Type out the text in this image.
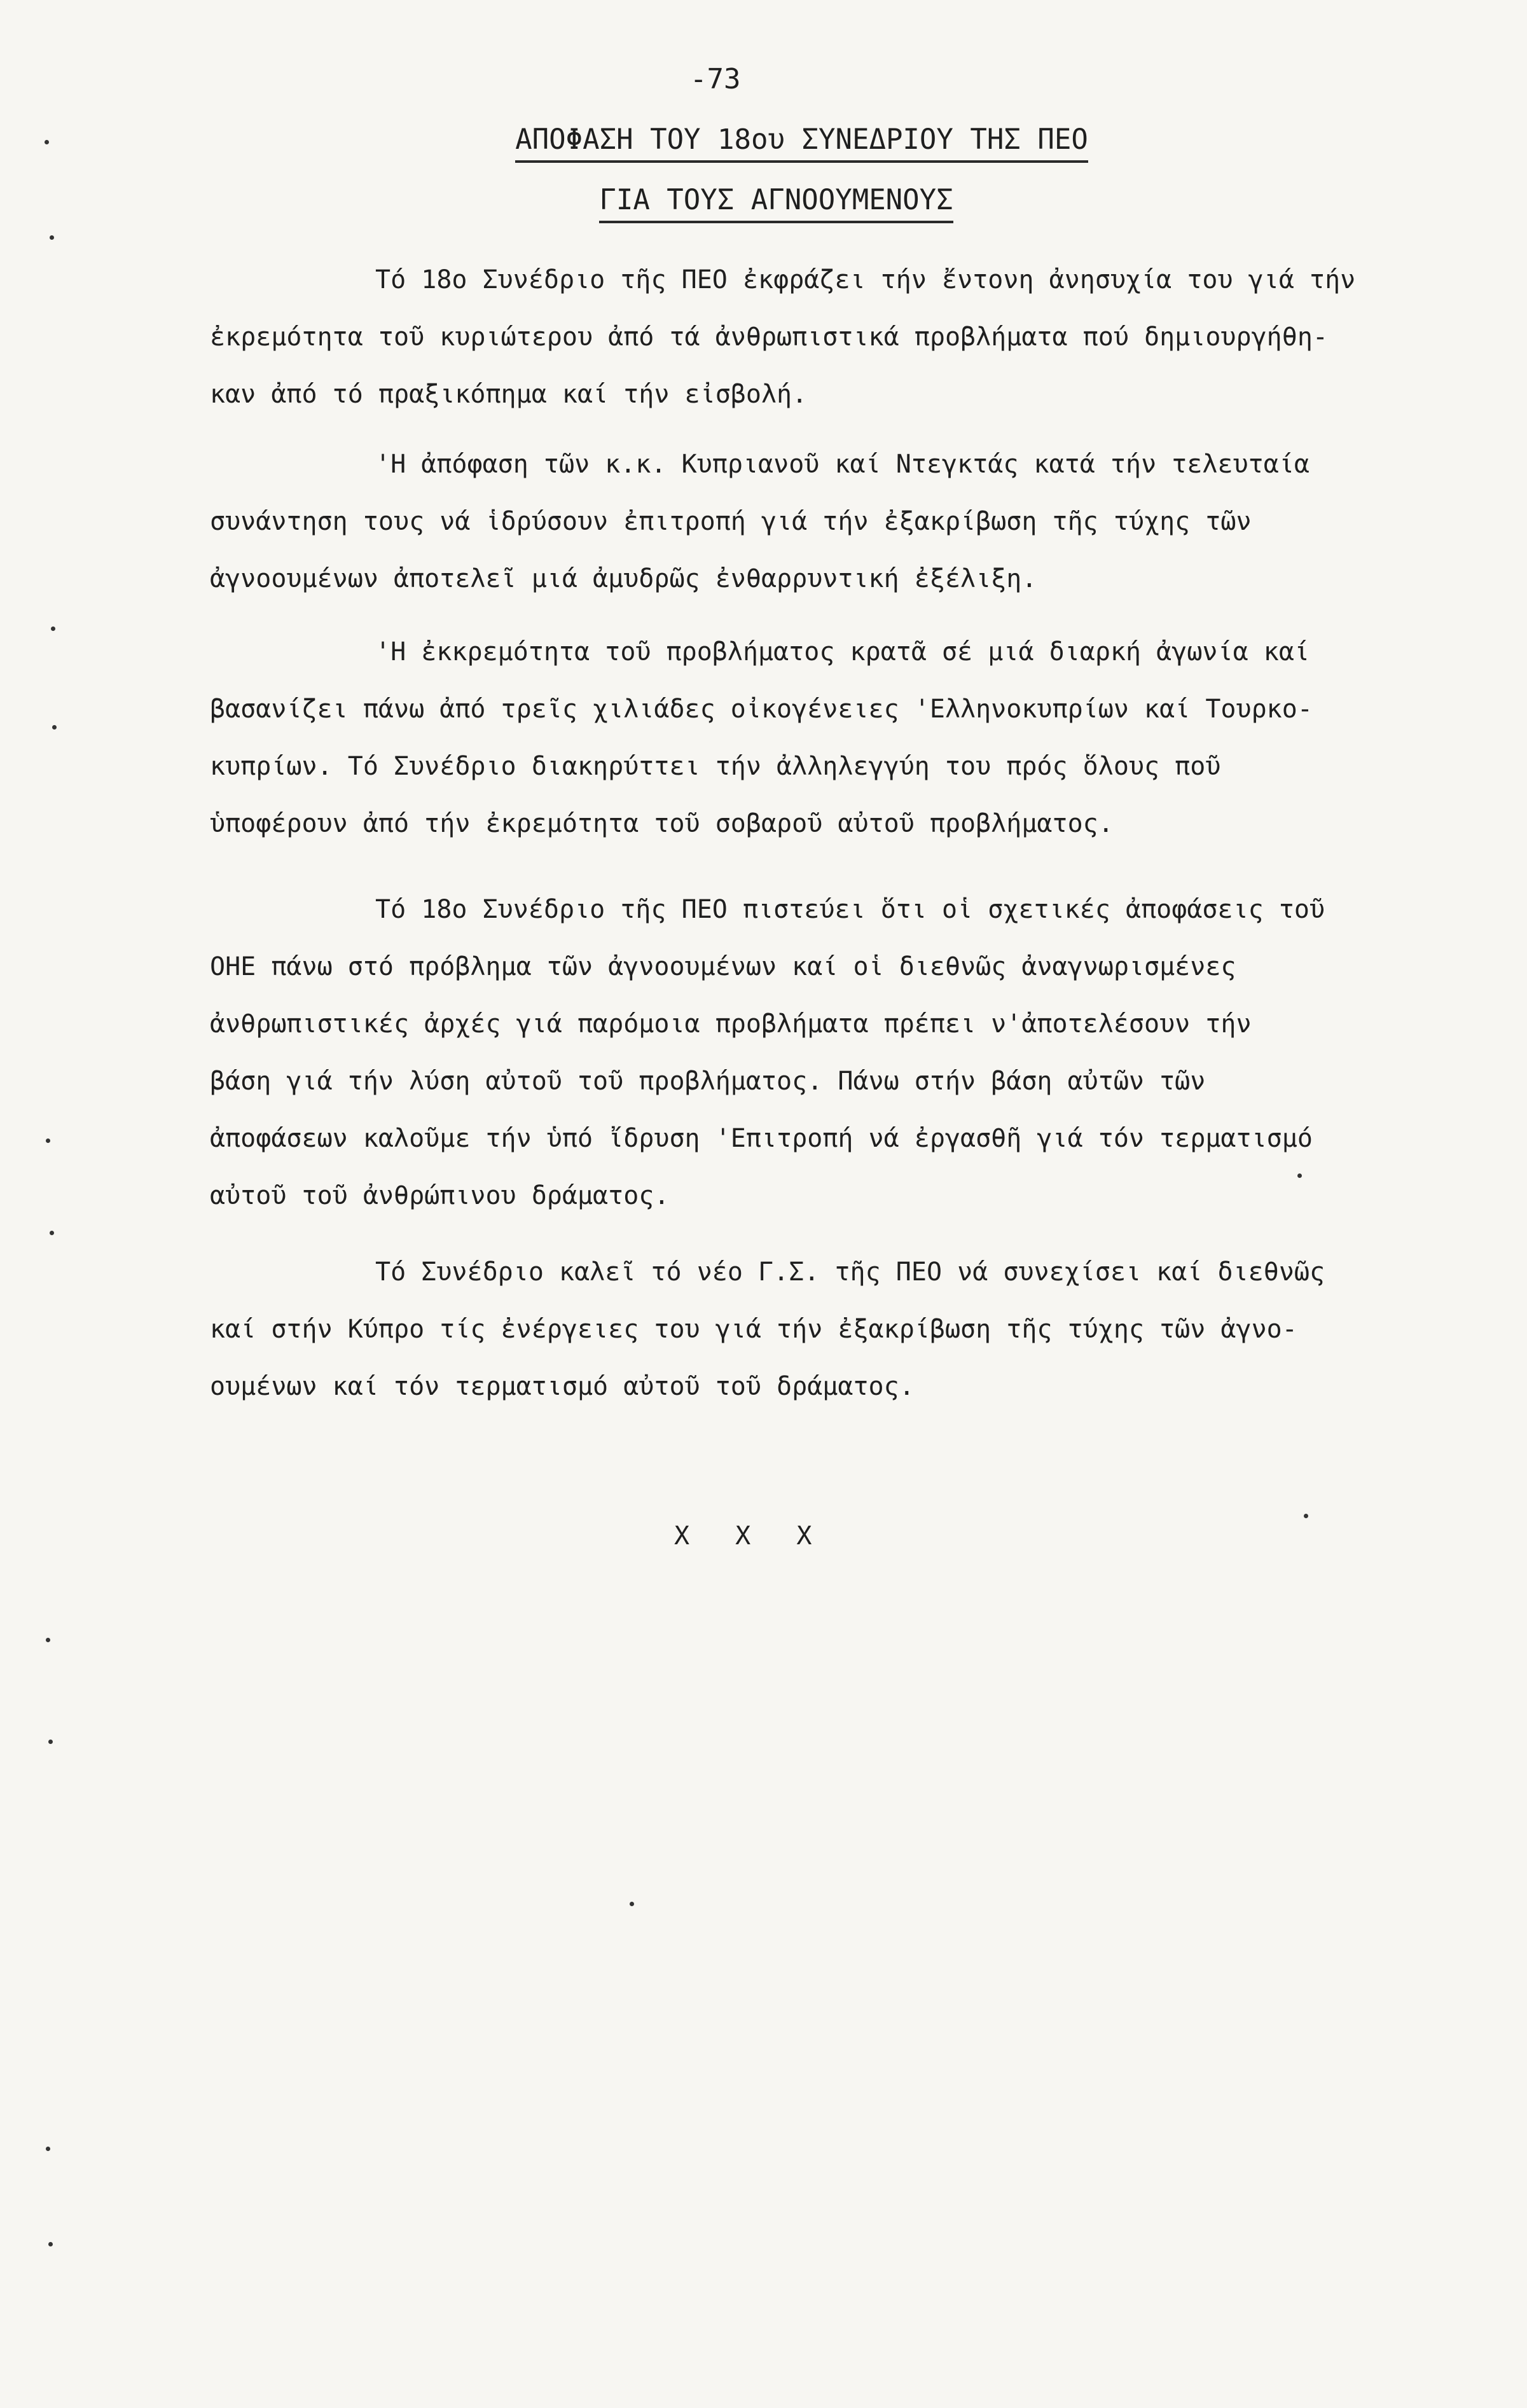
-73
ΑΠΟΦΑΣΗ ΤΟΥ 18ου ΣΥΝΕΔΡΙΟΥ ΤΗΣ ΠΕΟ
ΓΙΑ ΤΟΥΣ ΑΓΝΟΟΥΜΕΝΟΥΣ
Τό 18ο Συνέδριο τῆς ΠΕΟ ἐκφράζει τήν ἔντονη ἀνησυχία του γιά τήν
ἐκρεμότητα τοῦ κυριώτερου ἀπό τά ἀνθρωπιστικά προβλήματα πού δημιουργήθη-
καν ἀπό τό πραξικόπημα καί τήν εἰσβολή.
'Η ἀπόφαση τῶν κ.κ. Κυπριανοῦ καί Ντεγκτάς κατά τήν τελευταία
συνάντηση τους νά ἱδρύσουν ἐπιτροπή γιά τήν ἐξακρίβωση τῆς τύχης τῶν
ἀγνοουμένων ἀποτελεῖ μιά ἀμυδρῶς ἐνθαρρυντική ἐξέλιξη.
'Η ἐκκρεμότητα τοῦ προβλήματος κρατᾶ σέ μιά διαρκή ἀγωνία καί
βασανίζει πάνω ἀπό τρεῖς χιλιάδες οἰκογένειες 'Ελληνοκυπρίων καί Τουρκο-
κυπρίων. Τό Συνέδριο διακηρύττει τήν ἀλληλεγγύη του πρός ὅλους ποῦ
ὑποφέρουν ἀπό τήν ἐκρεμότητα τοῦ σοβαροῦ αὐτοῦ προβλήματος.
Τό 18ο Συνέδριο τῆς ΠΕΟ πιστεύει ὅτι οἱ σχετικές ἀποφάσεις τοῦ
ΟΗΕ πάνω στό πρόβλημα τῶν ἀγνοουμένων καί οἱ διεθνῶς ἀναγνωρισμένες
ἀνθρωπιστικές ἀρχές γιά παρόμοια προβλήματα πρέπει ν'ἀποτελέσουν τήν
βάση γιά τήν λύση αὐτοῦ τοῦ προβλήματος. Πάνω στήν βάση αὐτῶν τῶν
ἀποφάσεων καλοῦμε τήν ὑπό ἴδρυση 'Επιτροπή νά ἐργασθῆ γιά τόν τερματισμό
αὐτοῦ τοῦ ἀνθρώπινου δράματος.
Τό Συνέδριο καλεῖ τό νέο Γ.Σ. τῆς ΠΕΟ νά συνεχίσει καί διεθνῶς
καί στήν Κύπρο τίς ἐνέργειες του γιά τήν ἐξακρίβωση τῆς τύχης τῶν ἀγνο-
ουμένων καί τόν τερματισμό αὐτοῦ τοῦ δράματος.
X X X
